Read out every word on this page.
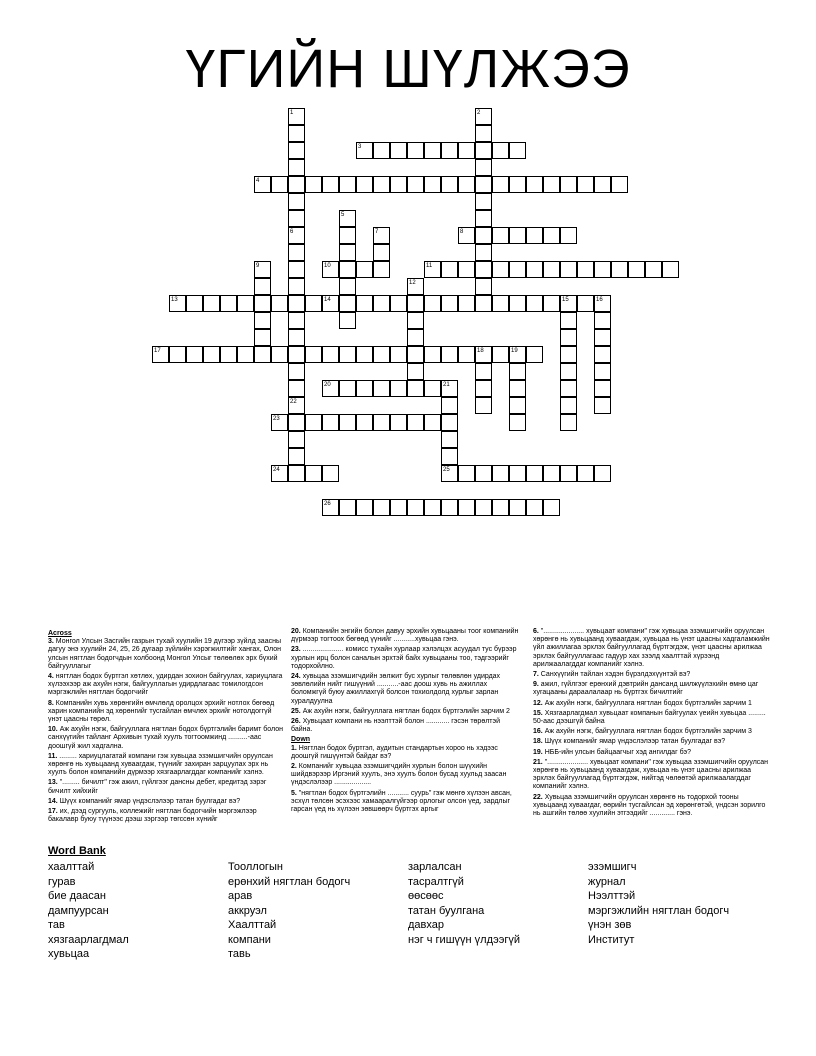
ҮГИЙН ШҮЛЖЭЭ
1	2
3
4
5
6
22
7	8
9	10	11
12
13	14	15	16
17	18	19
20	21
25
23
24
26
Across
3. Монгол Улсын Засгийн газрын тухай хуулийн 19 дүгээр зүйлд заасны дагуу энэ хуулийн 24, 25, 26 дугаар зүйлийн хэрэгжилтийг хангах, Олон улсын нягтлан бодогчдын холбоонд Монгол Улсыг төлөөлөх эрх бүхий байгууллагыг
4. нягтлан бодох бүртгэл хөтлөх, удирдан зохион байгуулах, хариуцлага хүлээхээр аж ахуйн нэгж, байгууллагын удирдлагаас томилогдсон мэргэжлийн нягтлан бодогчийг
8. Компанийн хувь хөрөнгийн өмчлөлд оролцох эрхийг нотлох бөгөөд харин компанийн эд хөрөнгийг тусгайлан өмчлөх эрхийг нотолдоггүй үнэт цаасны төрөл.
10. Аж ахуйн нэгж, байгууллага нягтлан бодох бүртгэлийн баримт болон санхүүгийн тайланг Архивын тухай хуулъ тогтоомжинд ..........-аас доошгүй жил хадгална.
11. ......... хариуцлагатай компани гэж хувьцаа эзэмшигчийн оруулсан хөрөнгө нь хувьцаанд хуваагдаж, түүнийг захиран зарцуулах эрх нь хуулъ болон компанийн дүрмээр хязгаарлагддаг компанийг хэлнэ.
13. "......... бичилт" гэж ажил, гүйлгээг дансны дебет, кредитэд зэрэг бичилт хийхийг
14. Шүүх компанийг ямар үндэслэлээр татан буулгадаг вэ?
17. их, дээд сургууль, коллежийг нягтлан бодогчийн мэргэжлээр бакалавр буюу түүнээс дээш зэргээр төгссөн хүнийг
20. Компанийн энгийн болон давуу эрхийн хувьцааны тоог компанийн дүрмээр тогтоох бөгөөд үүнийг ...........хувьцаа гэнэ.
23. ..................... комисс тухайн хурлаар хэлэлцэх асуудал тус бүрээр хурлын ирц болон саналын эрхтэй байх хувьцааны тоо, тэдгээрийг тодорхойлно.
24. хувьцаа эзэмшигчдийн зөлжит бус хурлыг төлөвлөн удирдах зөвлөлийн нийт гишүүний ...........-аас доош хувь нь ажиллах боломжгүй буюу ажиллахгүй болсон тохиолдолд хурлыг зарлан хуралдуулна
25. Аж ахуйн нэгж, байгууллага нягтлан бодох бүртгэлийн зарчим 2
26. Хувьцаат компани нь нээлттэй болон ............ гэсэн төрөлтэй байна.
Down
1. Нягтлан бодох бүртгэл, аудитын стандартын хороо нь хэдээс доошгүй гишүүнтэй байдаг вэ?
2. Компанийг хувьцаа эзэмшигчдийн хурлын болон шүүхийн шийдвэрээр Иргэний хуулъ, энэ хуулъ болон бусад хуульд заасан үндэслэлээр ...................
5. "нягтлан бодох бүртгэлийн ........... суурь" гэж мөнгө хүлээн авсан, эсхүл төлсөн эсэхээс хамааралгүйгээр орлогыг олсон үед, зардлыг гарсан үед нь хүлээн зөвшөөрч бүртгэх аргыг
6. "..................... хувьцаат компани" гэж хувьцаа эзэмшигчийн оруулсан хөрөнгө нь хувьцаанд хуваагдаж, хувьцаа нь үнэт цаасны хадгаламжийн үйл ажиллагаа эрхлэх байгууллагад бүртгэгдэж, үнэт цаасны арилжаа эрхлэх байгууллагаас гадуур хах зээлд хаалттай хүрээнд арилжаалагддаг компанийг хэлнэ.
7. Санхүүгийн тайлан хэдэн бүрэлдэхүүнтэй вэ?
9. ажил, гүйлгээг ерөнхий дэвтрийн дансанд шилжүүлэхийн өмнө цаг хугацааны дараалалаар нь бүртгэх бичилтийг
12. Аж ахуйн нэгж, байгууллага нягтлан бодох бүртгэлийн зарчим 1
15. Хязгаарлагдмал хувьцаат компанын байгуулах үеийн хувьцаа ......... 50-аас дээшгүй байна
16. Аж ахуйн нэгж, байгууллага нягтлан бодох бүртгэлийн зарчим 3
18. Шүүх компанийг ямар үндэслэлээр татан буулгадаг вэ?
19. НББ-ийн улсын байцаагчыг хэд ангилдаг бэ?
21. "..................... хувьцаат компани" гэж хувьцаа эзэмшигчийн оруулсан хөрөнгө нь хувьцаанд хуваагдаж, хувьцаа нь үнэт цаасны арилжаа эрхлэх байгууллагад бүртгэгдэж, нийтэд чөлөөтэй арилжаалагддаг компанийг хэлнэ.
22. Хувьцаа эзэмшигчийн оруулсан хөрөнгө нь тодорхой тооны хувьцаанд хуваагдаг, өөрийн тусгайлсан эд хөрөнгөтэй, үндсэн зорилго нь ашгийн төлөө хуулийн этгээдийг ............. гэнэ.
Word Bank
хаалттай
гурав
бие даасан
дампуурсан
тав
хязгаарлагдмал
хувьцаа
Тооллогын
ерөнхий нягтлан бодогч
арав
аккруэл
Хаалттай
компани
тавь
зарлалсан
тасралтгүй
өөсөөс
татан буулгана
давхар
нэг ч гишүүн үлдээгүй
эзэмшигч
журнал
Нээлттэй
мэргэжлийн нягтлан бодогч
үнэн зөв
Институт
